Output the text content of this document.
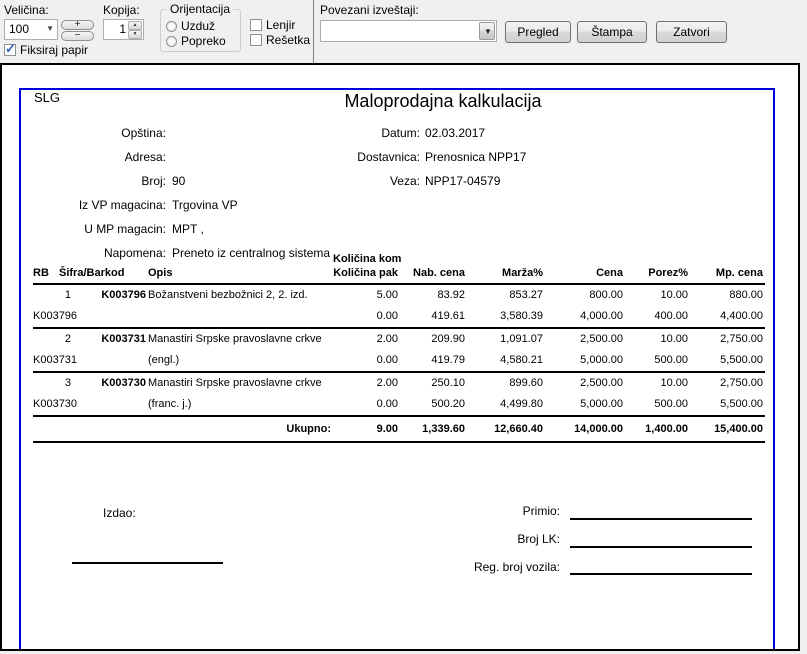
Veličina:
100	▼	+
−
✓ Fiksiraj papir
Kopija:
1	▲
▼
Orijentacija
Uzduž
Popreko
Lenjir
Rešetka
Povezani izveštaji:
▼	Pregled	Štampa	Zatvori
SLG	Maloprodajna kalkulacija
Opština:
Adresa:
Broj: 90
Iz VP magacina: Trgovina VP
U MP magacin: MPT ,
Napomena: Preneto iz centralnog sistema
Datum: 02.03.2017
Dostavnica: Prenosnica NPP17
Veza: NPP17-04579
RB	Šifra/Barkod	Opis	Količina kom
Količina pak	Nab. cena	Marža%	Cena	Porez%	Mp. cena
1	K003796	Božanstveni bezbožnici 2, 2. izd.	5.00	83.92	853.27	800.00	10.00	880.00
K003796			0.00	419.61	3,580.39	4,000.00	400.00	4,400.00
2	K003731	Manastiri Srpske pravoslavne crkve	2.00	209.90	1,091.07	2,500.00	10.00	2,750.00
K003731		(engl.)	0.00	419.79	4,580.21	5,000.00	500.00	5,500.00
3	K003730	Manastiri Srpske pravoslavne crkve	2.00	250.10	899.60	2,500.00	10.00	2,750.00
K003730		(franc. j.)	0.00	500.20	4,499.80	5,000.00	500.00	5,500.00
Ukupno:			9.00	1,339.60	12,660.40	14,000.00	1,400.00	15,400.00
Izdao:	Primio:
Broj LK:
Reg. broj vozila:
